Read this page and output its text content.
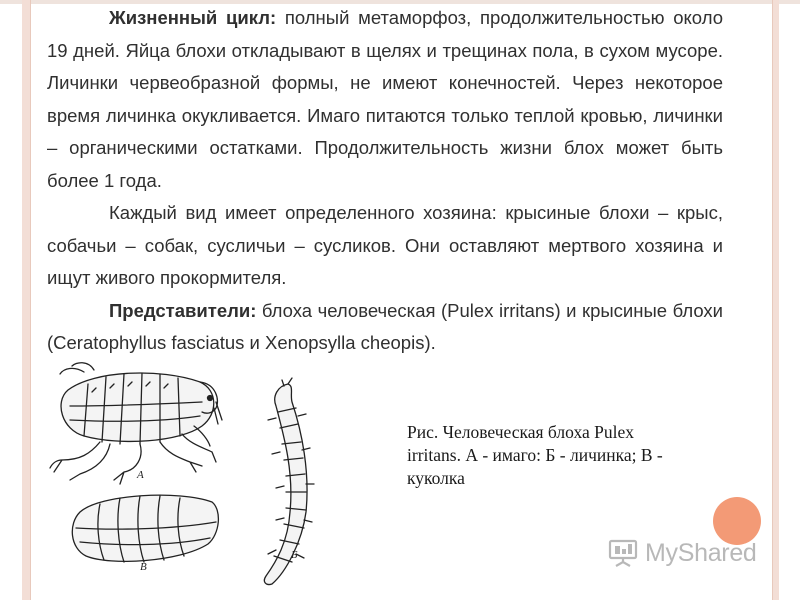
Жизненный цикл: полный метаморфоз, продолжительностью около 19 дней. Яйца блохи откладывают в щелях и трещинах пола, в сухом мусоре. Личинки червеобразной формы, не имеют конечностей. Через некоторое время личинка окукливается. Имаго питаются только теплой кровью, личинки – органическими остатками. Продолжительность жизни блох может быть более 1 года.

Каждый вид имеет определенного хозяина: крысиные блохи – крыс, собачьи – собак, сусличьи – сусликов. Они оставляют мертвого хозяина и ищут живого прокормителя.

Представители: блоха человеческая (Pulex irritans) и крысиные блохи (Ceratophyllus fasciatus и Xenopsylla cheopis).

А
Б
В
Рис. Человеческая блоха Pulex irritans. А - имаго: Б - личинка; В - куколка
MyShared
